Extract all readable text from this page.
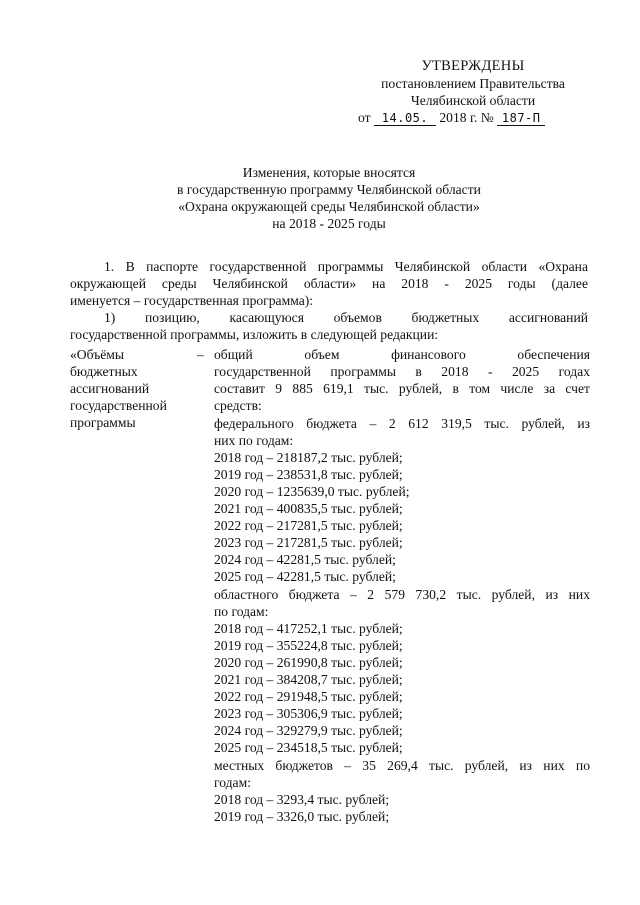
УТВЕРЖДЕНЫ
постановлением Правительства
Челябинской области
от 14.05. 2018 г. № 187-П
Изменения, которые вносятся
в государственную программу Челябинской области
«Охрана окружающей среды Челябинской области»
на 2018 - 2025 годы
1. В паспорте государственной программы Челябинской области «Охрана
окружающей среды Челябинской области» на 2018 - 2025 годы (далее
именуется – государственная программа):
1) позицию, касающуюся объемов бюджетных ассигнований
государственной программы, изложить в следующей редакции:
«Объёмы
бюджетных
ассигнований
государственной
программы
– общий объем финансового обеспечения
государственной программы в 2018 - 2025 годах
составит 9 885 619,1 тыс. рублей, в том числе за счет
средств:
федерального бюджета – 2 612 319,5 тыс. рублей, из
них по годам:
2018 год – 218187,2 тыс. рублей;
2019 год – 238531,8 тыс. рублей;
2020 год – 1235639,0 тыс. рублей;
2021 год – 400835,5 тыс. рублей;
2022 год – 217281,5 тыс. рублей;
2023 год – 217281,5 тыс. рублей;
2024 год – 42281,5 тыс. рублей;
2025 год – 42281,5 тыс. рублей;
областного бюджета – 2 579 730,2 тыс. рублей, из них
по годам:
2018 год – 417252,1 тыс. рублей;
2019 год – 355224,8 тыс. рублей;
2020 год – 261990,8 тыс. рублей;
2021 год – 384208,7 тыс. рублей;
2022 год – 291948,5 тыс. рублей;
2023 год – 305306,9 тыс. рублей;
2024 год – 329279,9 тыс. рублей;
2025 год – 234518,5 тыс. рублей;
местных бюджетов – 35 269,4 тыс. рублей, из них по
годам:
2018 год – 3293,4 тыс. рублей;
2019 год – 3326,0 тыс. рублей;
